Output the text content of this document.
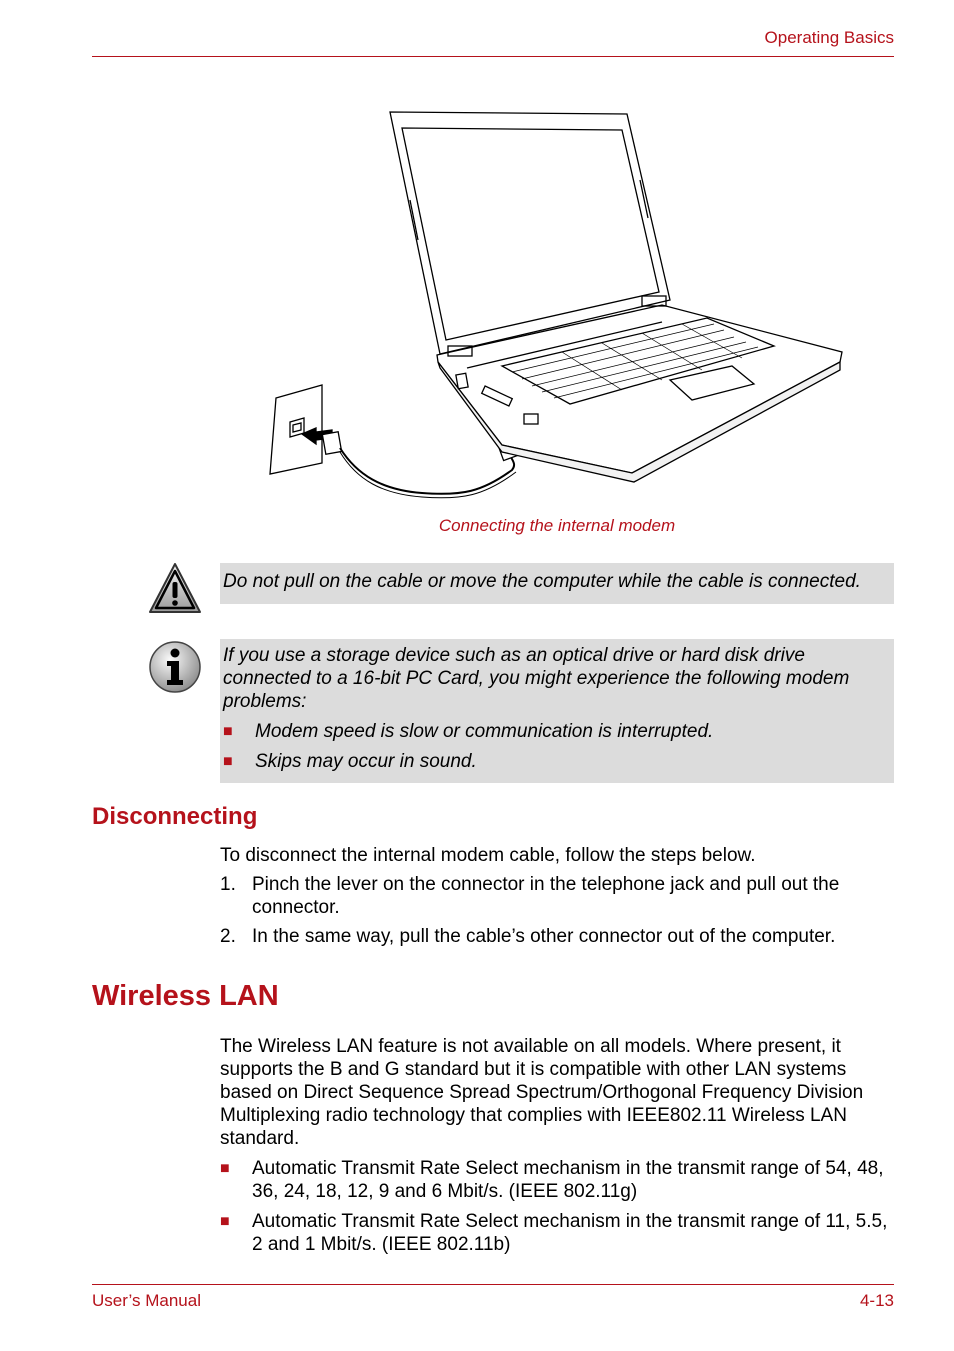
Operating Basics
Connecting the internal modem
Do not pull on the cable or move the computer while the cable is connected.
If you use a storage device such as an optical drive or hard disk drive connected to a 16-bit PC Card, you might experience the following modem problems:
■	Modem speed is slow or communication is interrupted.
■	Skips may occur in sound.
Disconnecting
To disconnect the internal modem cable, follow the steps below.
1. Pinch the lever on the connector in the telephone jack and pull out the connector.
2. In the same way, pull the cable’s other connector out of the computer.
Wireless LAN
The Wireless LAN feature is not available on all models. Where present, it supports the B and G standard but it is compatible with other LAN systems based on Direct Sequence Spread Spectrum/Orthogonal Frequency Division Multiplexing radio technology that complies with IEEE802.11 Wireless LAN standard.
■	Automatic Transmit Rate Select mechanism in the transmit range of 54, 48, 36, 24, 18, 12, 9 and 6 Mbit/s. (IEEE 802.11g)
■	Automatic Transmit Rate Select mechanism in the transmit range of 11, 5.5, 2 and 1 Mbit/s. (IEEE 802.11b)
User’s Manual	4-13
